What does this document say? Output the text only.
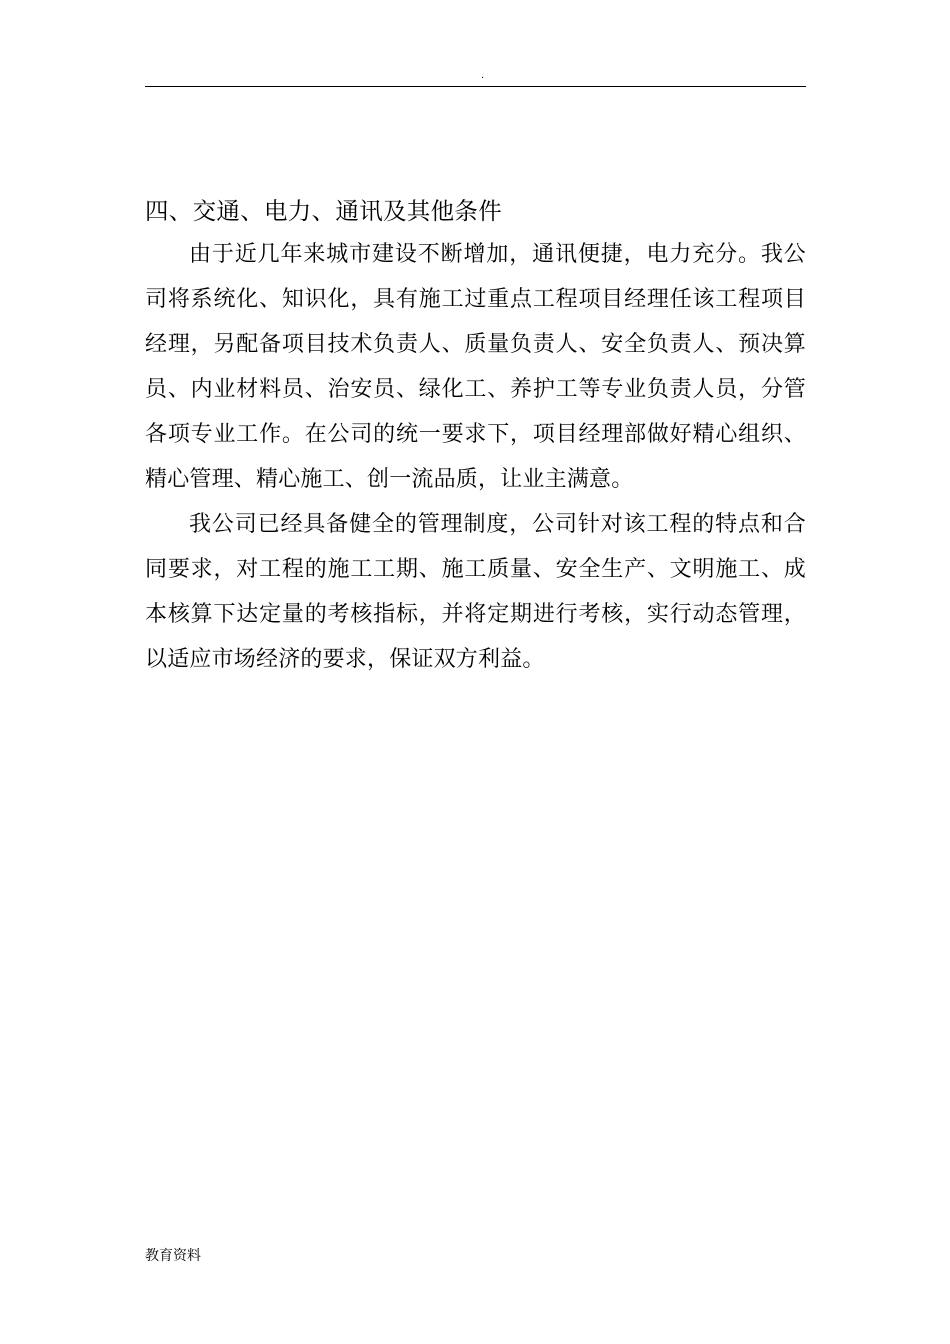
.
四、交通、电力、通讯及其他条件

由于近几年来城市建设不断增加，通讯便捷，电力充分。我公司将系统化、知识化，具有施工过重点工程项目经理任该工程项目经理，另配备项目技术负责人、质量负责人、安全负责人、预决算员、内业材料员、治安员、绿化工、养护工等专业负责人员，分管各项专业工作。在公司的统一要求下，项目经理部做好精心组织、精心管理、精心施工、创一流品质，让业主满意。

我公司已经具备健全的管理制度，公司针对该工程的特点和合同要求，对工程的施工工期、施工质量、安全生产、文明施工、成本核算下达定量的考核指标，并将定期进行考核，实行动态管理，以适应市场经济的要求，保证双方利益。

教育资料
